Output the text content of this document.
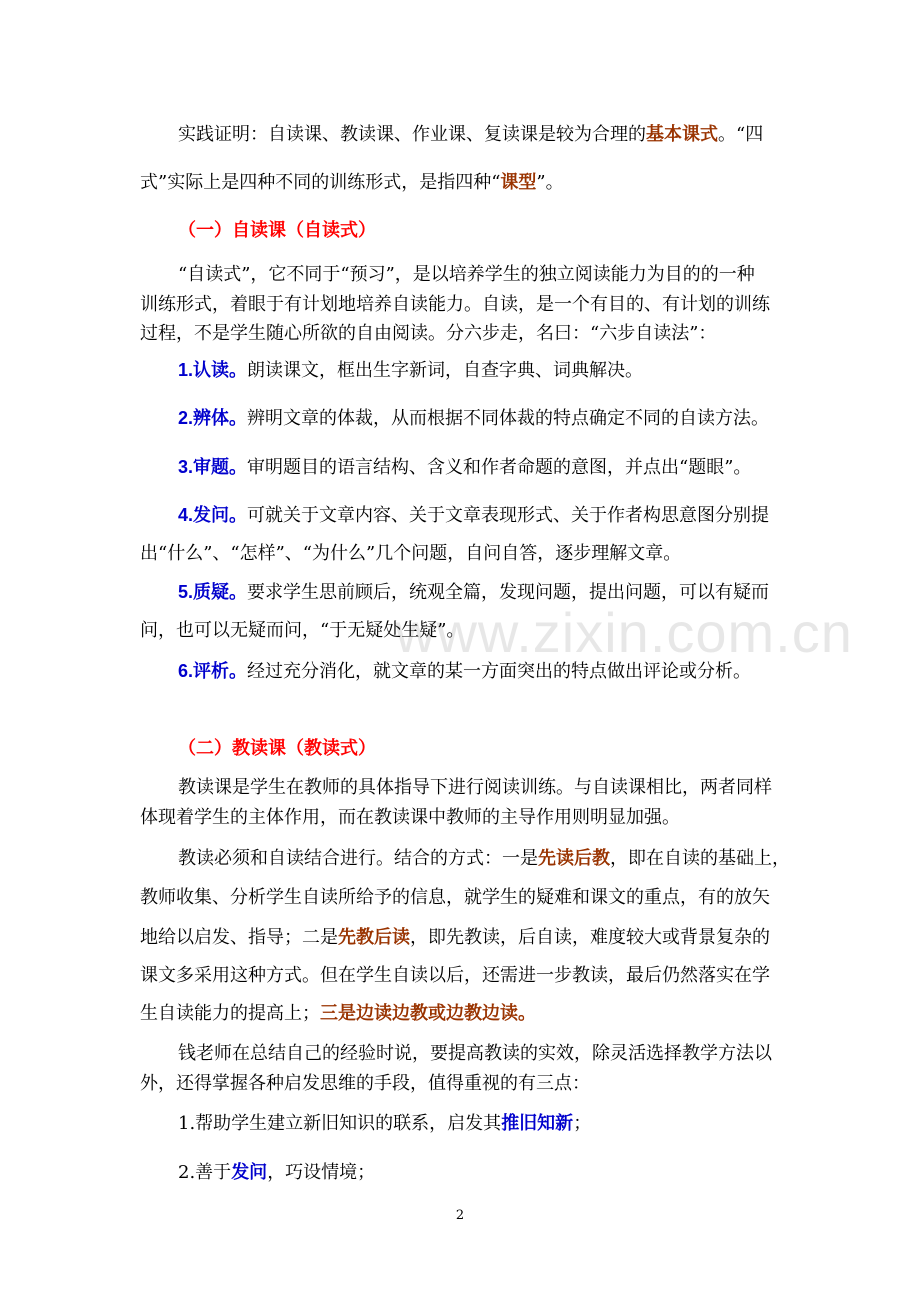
实践证明：自读课、教读课、作业课、复读课是较为合理的基本课式。“四
式”实际上是四种不同的训练形式，是指四种“课型”。
（一）自读课（自读式）
“自读式”，它不同于“预习”，是以培养学生的独立阅读能力为目的的一种
训练形式，着眼于有计划地培养自读能力。自读，是一个有目的、有计划的训练
过程，不是学生随心所欲的自由阅读。分六步走，名曰：“六步自读法”：
1.认读。朗读课文，框出生字新词，自查字典、词典解决。
2.辨体。辨明文章的体裁，从而根据不同体裁的特点确定不同的自读方法。
3.审题。审明题目的语言结构、含义和作者命题的意图，并点出“题眼”。
4.发问。可就关于文章内容、关于文章表现形式、关于作者构思意图分别提
出“什么”、“怎样”、“为什么”几个问题，自问自答，逐步理解文章。
5.质疑。要求学生思前顾后，统观全篇，发现问题，提出问题，可以有疑而
问，也可以无疑而问，“于无疑处生疑”。
6.评析。经过充分消化，就文章的某一方面突出的特点做出评论或分析。
（二）教读课（教读式）
教读课是学生在教师的具体指导下进行阅读训练。与自读课相比，两者同样
体现着学生的主体作用，而在教读课中教师的主导作用则明显加强。
教读必须和自读结合进行。结合的方式：一是先读后教，即在自读的基础上，
教师收集、分析学生自读所给予的信息，就学生的疑难和课文的重点，有的放矢
地给以启发、指导；二是先教后读，即先教读，后自读，难度较大或背景复杂的
课文多采用这种方式。但在学生自读以后，还需进一步教读，最后仍然落实在学
生自读能力的提高上；三是边读边教或边教边读。
钱老师在总结自己的经验时说，要提高教读的实效，除灵活选择教学方法以
外，还得掌握各种启发思维的手段，值得重视的有三点：
1.帮助学生建立新旧知识的联系，启发其推旧知新；
2.善于发问，巧设情境；
www.zixin.com.cn
2
